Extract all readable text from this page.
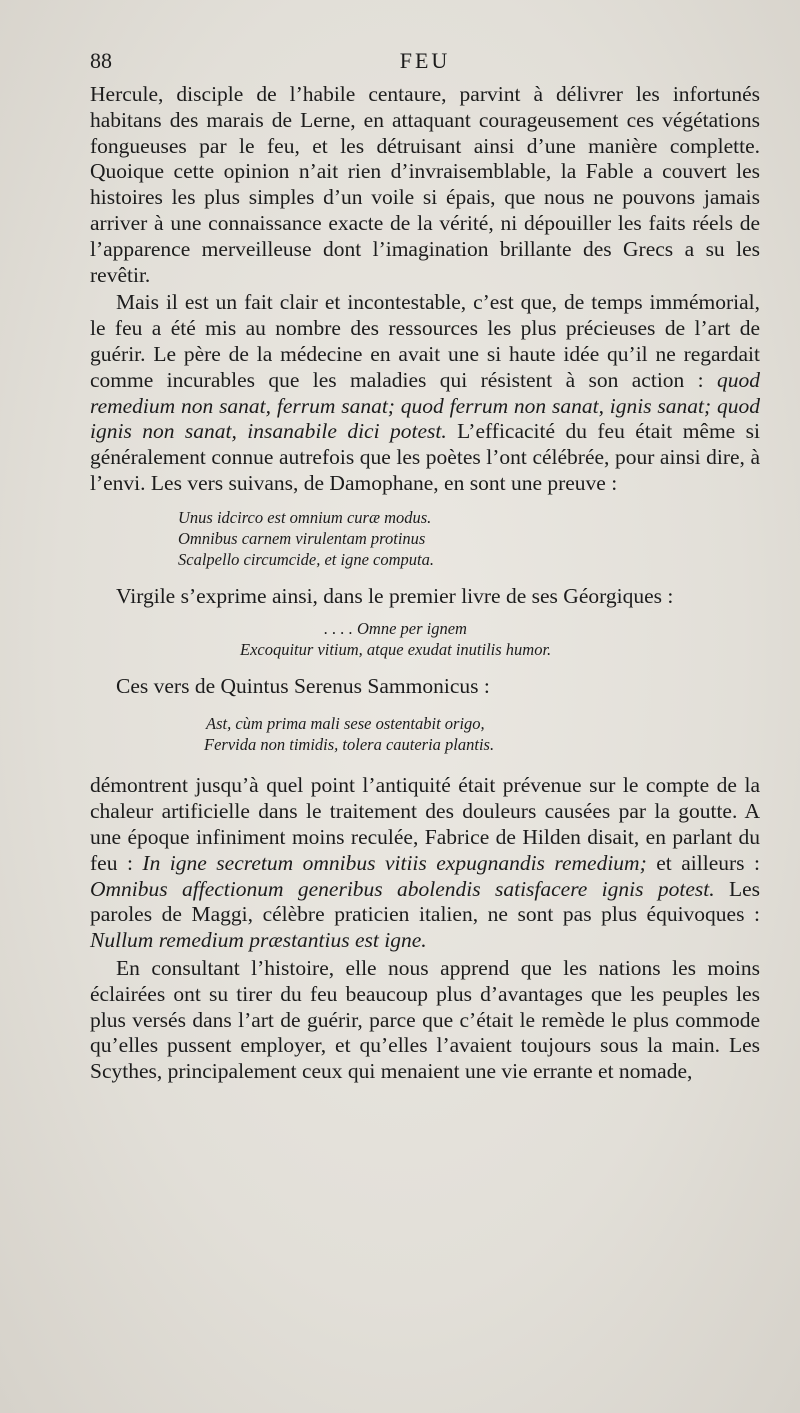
88	FEU

Hercule, disciple de l’habile centaure, parvint à délivrer les infortunés habitans des marais de Lerne, en attaquant courageusement ces végétations fongueuses par le feu, et les détruisant ainsi d’une manière complette. Quoique cette opinion n’ait rien d’invraisemblable, la Fable a couvert les histoires les plus simples d’un voile si épais, que nous ne pouvons jamais arriver à une connaissance exacte de la vérité, ni dépouiller les faits réels de l’apparence merveilleuse dont l’imagination brillante des Grecs a su les revêtir.

Mais il est un fait clair et incontestable, c’est que, de temps immémorial, le feu a été mis au nombre des ressources les plus précieuses de l’art de guérir. Le père de la médecine en avait une si haute idée qu’il ne regardait comme incurables que les maladies qui résistent à son action : quod remedium non sanat, ferrum sanat; quod ferrum non sanat, ignis sanat; quod ignis non sanat, insanabile dici potest. L’efficacité du feu était même si généralement connue autrefois que les poètes l’ont célébrée, pour ainsi dire, à l’envi. Les vers suivans, de Damophane, en sont une preuve :

Unus idcirco est omnium curæ modus.
Omnibus carnem virulentam protinus
Scalpello circumcide, et igne computa.

Virgile s’exprime ainsi, dans le premier livre de ses Géorgiques :

. . . . Omne per ignem
Excoquitur vitium, atque exudat inutilis humor.

Ces vers de Quintus Serenus Sammonicus :

Ast, cùm prima mali sese ostentabit origo,
Fervida non timidis, tolera cauteria plantis.

démontrent jusqu’à quel point l’antiquité était prévenue sur le compte de la chaleur artificielle dans le traitement des douleurs causées par la goutte. A une époque infiniment moins reculée, Fabrice de Hilden disait, en parlant du feu : In igne secretum omnibus vitiis expugnandis remedium; et ailleurs : Omnibus affectionum generibus abolendis satisfacere ignis potest. Les paroles de Maggi, célèbre praticien italien, ne sont pas plus équivoques : Nullum remedium præstantius est igne.

En consultant l’histoire, elle nous apprend que les nations les moins éclairées ont su tirer du feu beaucoup plus d’avantages que les peuples les plus versés dans l’art de guérir, parce que c’était le remède le plus commode qu’elles pussent employer, et qu’elles l’avaient toujours sous la main. Les Scythes, principalement ceux qui menaient une vie errante et nomade,
